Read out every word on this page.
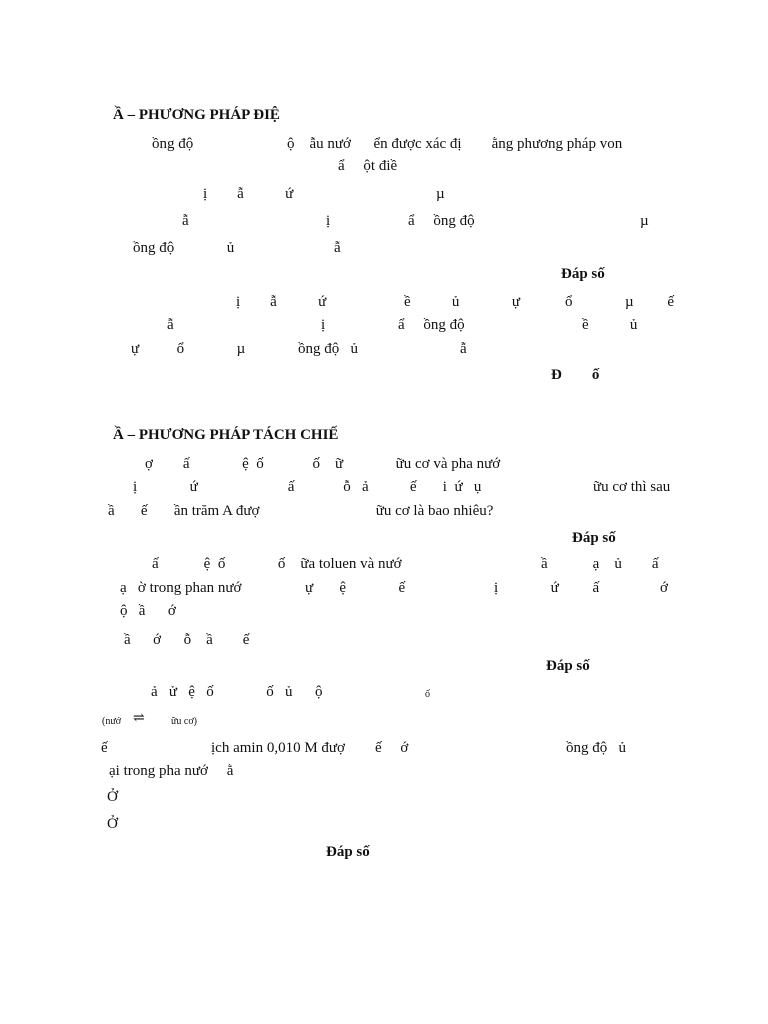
Ầ – PHƯƠNG PHÁP ĐIỆ
ồng độ                         ộ    ẫu nướ      ển được xác đị        ằng phương pháp von
ẩ     ột điề
ị        ẫ           ứ	µ
ẫ	ị	ẩ     ồng độ	µ
ồng độ              ủ	ẫ
Đáp số
ị        ẫ           ứ	ề           ủ              ự            ổ              µ         ế
ẫ	ị	ẩ     ồng độ	ề           ủ
ự          ổ              µ	ồng độ   ủ	ẫ
Đ        ố
Ầ – PHƯƠNG PHÁP TÁCH CHIẾ
ợ        ấ              ệ  ố             ố    ữ              ữu cơ và pha nướ
ị              ứ                        ấ             ỗ   ả           ế       i  ứ   ụ	ữu cơ thì sau
ầ       ế       ần trăm A đượ                               ữu cơ là bao nhiêu?
Đáp số
ấ            ệ  ố              ố    ữa toluen và nướ	ầ            ạ    ủ        ấ
ạ   ờ trong phan nướ	ự       ệ              ế	ị              ứ         ấ	ớ
ộ   ầ      ớ
ầ      ớ      ỗ    ầ        ế
Đáp số
ả   ử   ệ   ố              ố   ủ      ộ	ố
(nướ ⇌	ữu cơ)
ế	ịch amin 0,010 M đượ        ế     ớ	ồng độ   ủ
ại trong pha nướ     ằ
Ở
Ở
Đáp số
